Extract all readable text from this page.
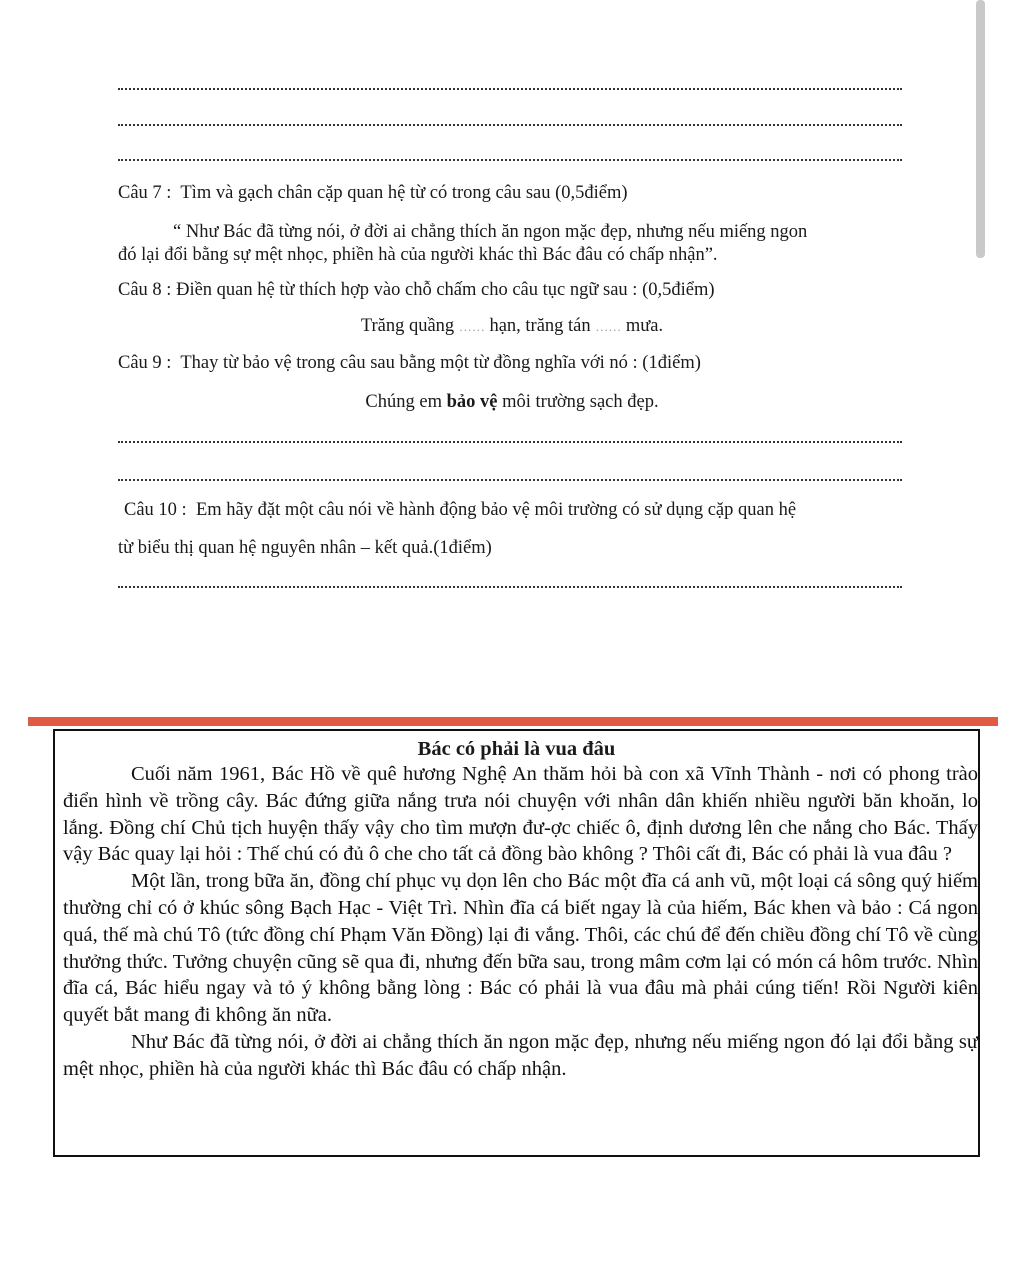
Câu 7 : Tìm và gạch chân cặp quan hệ từ có trong câu sau (0,5điểm)
“ Như Bác đã từng nói, ở đời ai chẳng thích ăn ngon mặc đẹp, nhưng nếu miếng ngon
đó lại đổi bằng sự mệt nhọc, phiền hà của người khác thì Bác đâu có chấp nhận”.
Câu 8 : Điền quan hệ từ thích hợp vào chỗ chấm cho câu tục ngữ sau : (0,5điểm)
Trăng quầng …… hạn, trăng tán …… mưa.
Câu 9 : Thay từ bảo vệ trong câu sau bằng một từ đồng nghĩa với nó : (1điểm)
Chúng em bảo vệ môi trường sạch đẹp.
Câu 10 : Em hãy đặt một câu nói về hành động bảo vệ môi trường có sử dụng cặp quan hệ
từ biểu thị quan hệ nguyên nhân – kết quả.(1điểm)
Bác có phải là vua đâu

Cuối năm 1961, Bác Hồ về quê hương Nghệ An thăm hỏi bà con xã Vĩnh Thành - nơi có phong trào điển hình về trồng cây. Bác đứng giữa nắng trưa nói chuyện với nhân dân khiến nhiều người băn khoăn, lo lắng. Đồng chí Chủ tịch huyện thấy vậy cho tìm mượn đư-ợc chiếc ô, định dương lên che nắng cho Bác. Thấy vậy Bác quay lại hỏi : Thế chú có đủ ô che cho tất cả đồng bào không ? Thôi cất đi, Bác có phải là vua đâu ?

Một lần, trong bữa ăn, đồng chí phục vụ dọn lên cho Bác một đĩa cá anh vũ, một loại cá sông quý hiếm thường chỉ có ở khúc sông Bạch Hạc - Việt Trì. Nhìn đĩa cá biết ngay là của hiếm, Bác khen và bảo : Cá ngon quá, thế mà chú Tô (tức đồng chí Phạm Văn Đồng) lại đi vắng. Thôi, các chú để đến chiều đồng chí Tô về cùng thưởng thức. Tưởng chuyện cũng sẽ qua đi, nhưng đến bữa sau, trong mâm cơm lại có món cá hôm trước. Nhìn đĩa cá, Bác hiểu ngay và tỏ ý không bằng lòng : Bác có phải là vua đâu mà phải cúng tiến! Rồi Người kiên quyết bắt mang đi không ăn nữa.

Như Bác đã từng nói, ở đời ai chẳng thích ăn ngon mặc đẹp, nhưng nếu miếng ngon đó lại đổi bằng sự mệt nhọc, phiền hà của người khác thì Bác đâu có chấp nhận.
